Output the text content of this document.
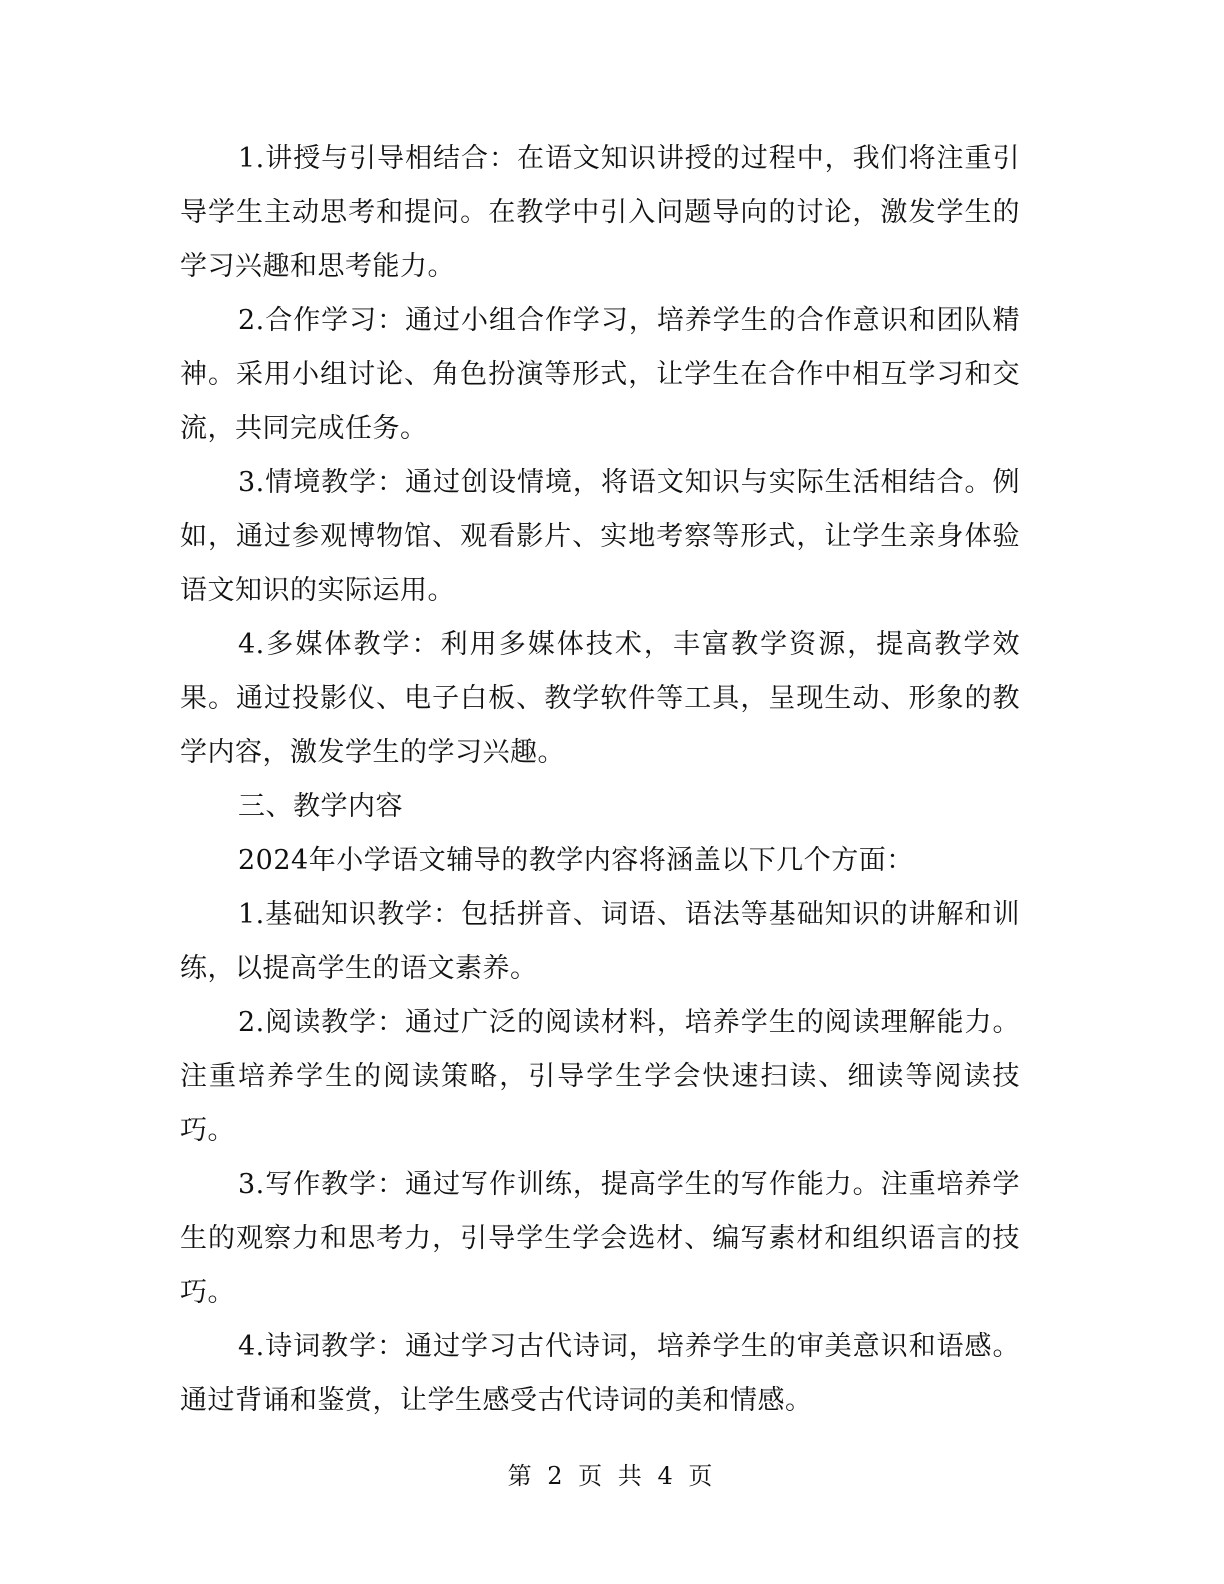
1.讲授与引导相结合：在语文知识讲授的过程中，我们将注重引导学生主动思考和提问。在教学中引入问题导向的讨论，激发学生的学习兴趣和思考能力。

2.合作学习：通过小组合作学习，培养学生的合作意识和团队精神。采用小组讨论、角色扮演等形式，让学生在合作中相互学习和交流，共同完成任务。

3.情境教学：通过创设情境，将语文知识与实际生活相结合。例如，通过参观博物馆、观看影片、实地考察等形式，让学生亲身体验语文知识的实际运用。

4.多媒体教学：利用多媒体技术，丰富教学资源，提高教学效果。通过投影仪、电子白板、教学软件等工具，呈现生动、形象的教学内容，激发学生的学习兴趣。

三、教学内容

2024年小学语文辅导的教学内容将涵盖以下几个方面：

1.基础知识教学：包括拼音、词语、语法等基础知识的讲解和训练，以提高学生的语文素养。

2.阅读教学：通过广泛的阅读材料，培养学生的阅读理解能力。注重培养学生的阅读策略，引导学生学会快速扫读、细读等阅读技巧。

3.写作教学：通过写作训练，提高学生的写作能力。注重培养学生的观察力和思考力，引导学生学会选材、编写素材和组织语言的技巧。

4.诗词教学：通过学习古代诗词，培养学生的审美意识和语感。通过背诵和鉴赏，让学生感受古代诗词的美和情感。

第 2 页 共 4 页
